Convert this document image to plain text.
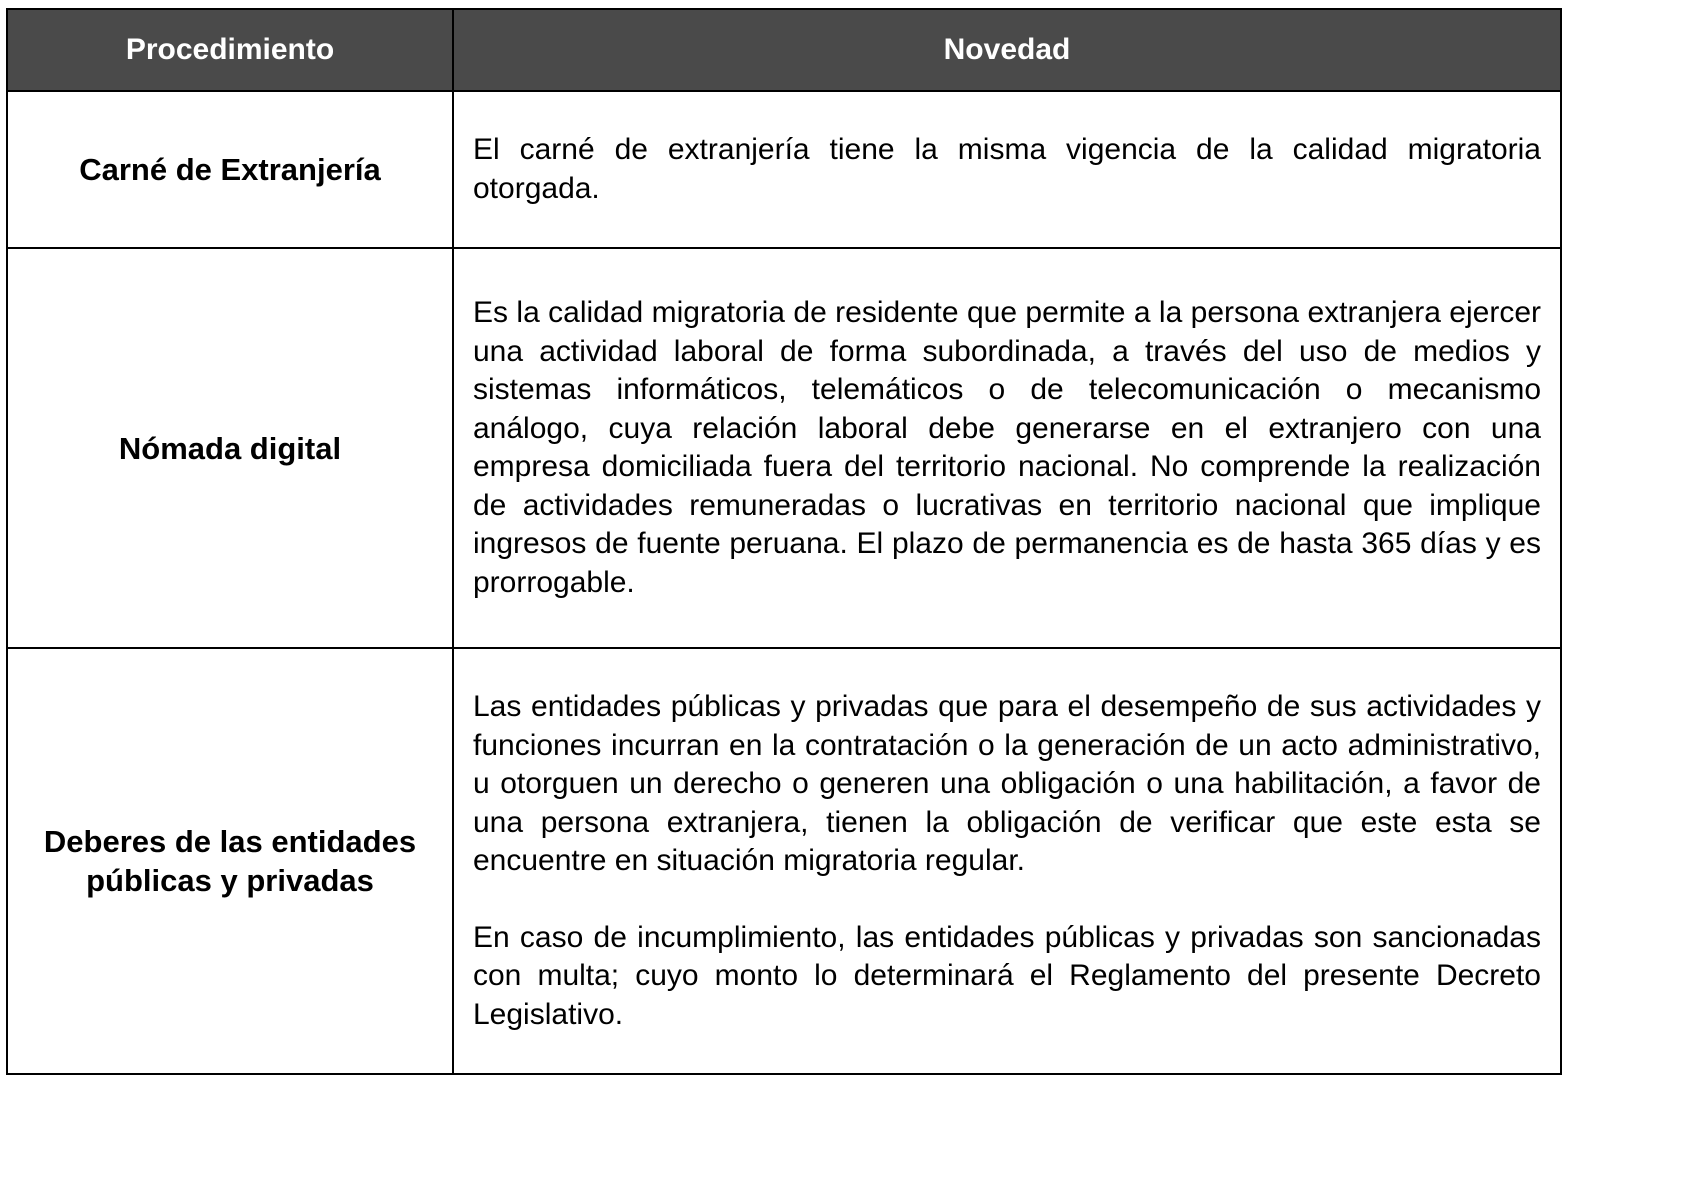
Procedimiento	Novedad
Carné de Extranjería	El carné de extranjería tiene la misma vigencia de la calidad migratoria otorgada.

Nómada digital	Es la calidad migratoria de residente que permite a la persona extranjera ejercer una actividad laboral de forma subordinada, a través del uso de medios y sistemas informáticos, telemáticos o de telecomunicación o mecanismo análogo, cuya relación laboral debe generarse en el extranjero con una empresa domiciliada fuera del territorio nacional. No comprende la realización de actividades remuneradas o lucrativas en territorio nacional que implique ingresos de fuente peruana. El plazo de permanencia es de hasta 365 días y es prorrogable.

Deberes de las entidades públicas y privadas	Las entidades públicas y privadas que para el desempeño de sus actividades y funciones incurran en la contratación o la generación de un acto administrativo, u otorguen un derecho o generen una obligación o una habilitación, a favor de una persona extranjera, tienen la obligación de verificar que este esta se encuentre en situación migratoria regular.

En caso de incumplimiento, las entidades públicas y privadas son sancionadas con multa; cuyo monto lo determinará el Reglamento del presente Decreto Legislativo.
